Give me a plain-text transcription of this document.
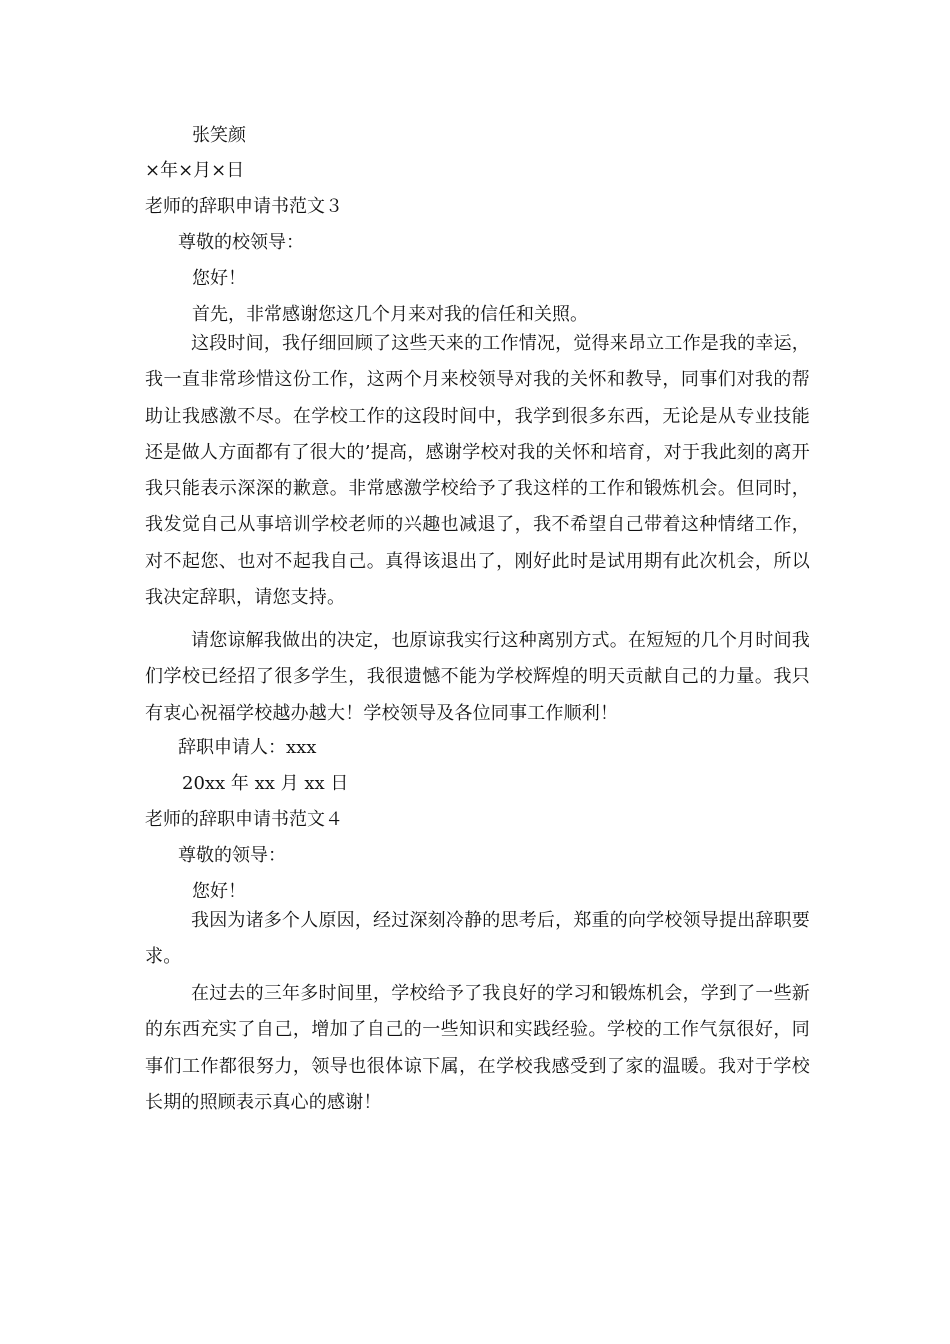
张笑颜
×年×月×日
老师的辞职申请书范文３
尊敬的校领导：
您好！
首先，非常感谢您这几个月来对我的信任和关照。
这段时间，我仔细回顾了这些天来的工作情况，觉得来昂立工作是我的幸运，我一直非常珍惜这份工作，这两个月来校领导对我的关怀和教导，同事们对我的帮助让我感激不尽。在学校工作的这段时间中，我学到很多东西，无论是从专业技能还是做人方面都有了很大的’提高，感谢学校对我的关怀和培育，对于我此刻的离开我只能表示深深的歉意。非常感激学校给予了我这样的工作和锻炼机会。但同时，我发觉自己从事培训学校老师的兴趣也减退了，我不希望自己带着这种情绪工作，对不起您、也对不起我自己。真得该退出了，刚好此时是试用期有此次机会，所以我决定辞职，请您支持。
请您谅解我做出的决定，也原谅我实行这种离别方式。在短短的几个月时间我们学校已经招了很多学生，我很遗憾不能为学校辉煌的明天贡献自己的力量。我只有衷心祝福学校越办越大！学校领导及各位同事工作顺利！
辞职申请人：xxx
20xx 年 xx 月 xx 日
老师的辞职申请书范文４
尊敬的领导：
您好！
我因为诸多个人原因，经过深刻冷静的思考后，郑重的向学校领导提出辞职要求。
在过去的三年多时间里，学校给予了我良好的学习和锻炼机会，学到了一些新的东西充实了自己，增加了自己的一些知识和实践经验。学校的工作气氛很好，同事们工作都很努力，领导也很体谅下属，在学校我感受到了家的温暖。我对于学校长期的照顾表示真心的感谢！
